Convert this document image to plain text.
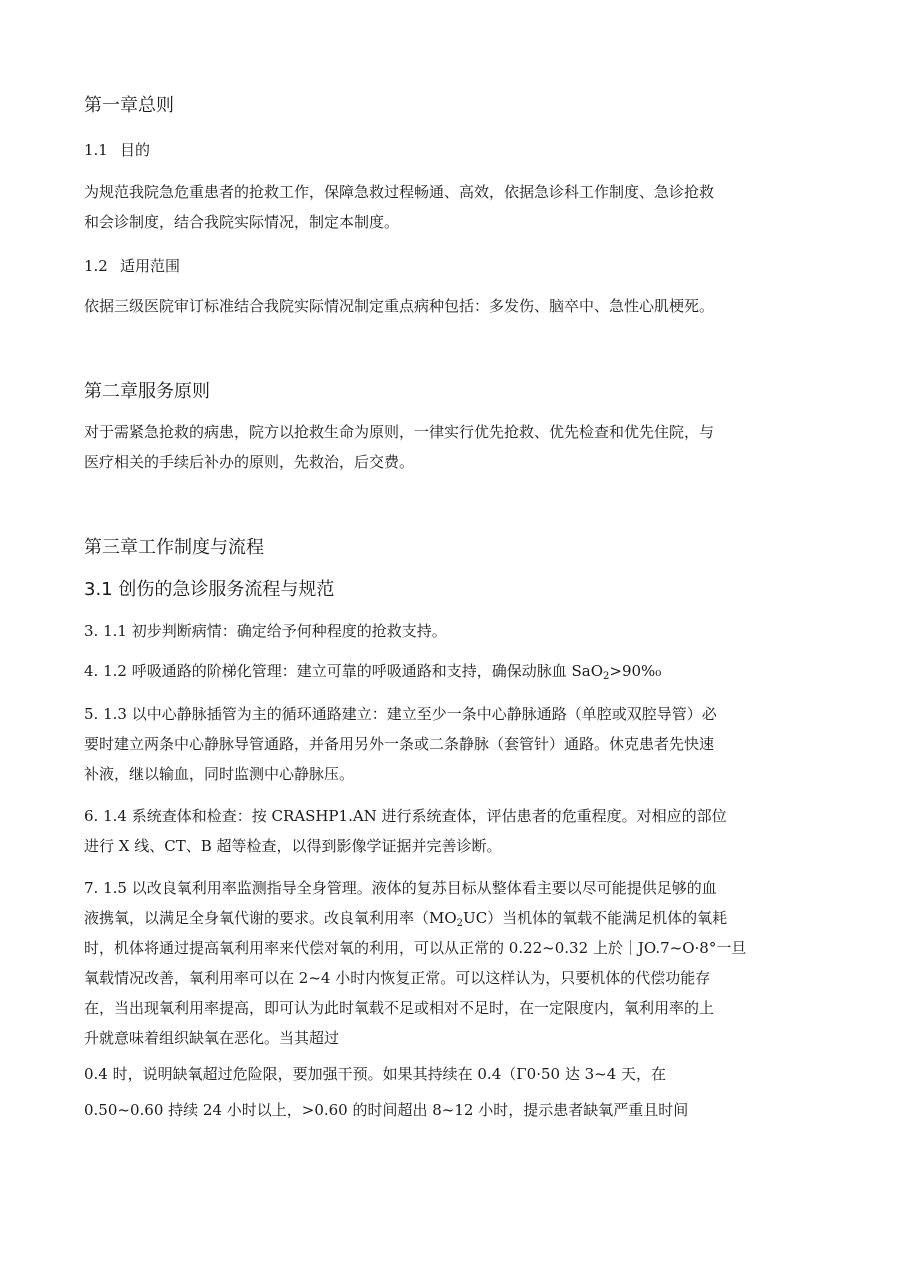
第一章总则
1.1 目的
为规范我院急危重患者的抢救工作，保障急救过程畅通、高效，依据急诊科工作制度、急诊抢救
和会诊制度，结合我院实际情况，制定本制度。
1.2 适用范围
依据三级医院审订标准结合我院实际情况制定重点病种包括：多发伤、脑卒中、急性心肌梗死。
第二章服务原则
对于需紧急抢救的病患，院方以抢救生命为原则，一律实行优先抢救、优先检查和优先住院，与
医疗相关的手续后补办的原则，先救治，后交费。
第三章工作制度与流程
3.1 创伤的急诊服务流程与规范
3. 1.1 初步判断病情：确定给予何种程度的抢救支持。
4. 1.2 呼吸通路的阶梯化管理：建立可靠的呼吸通路和支持，确保动脉血 SaO$_2$>90%₀
5. 1.3 以中心静脉插管为主的循环通路建立：建立至少一条中心静脉通路（单腔或双腔导管）必
要时建立两条中心静脉导管通路，并备用另外一条或二条静脉（套管针）通路。休克患者先快速
补液，继以输血，同时监测中心静脉压。
6. 1.4 系统查体和检查：按 CRASHP1.AN 进行系统查体，评估患者的危重程度。对相应的部位
进行 X 线、CT、B 超等检查，以得到影像学证据并完善诊断。
7. 1.5 以改良氧利用率监测指导全身管理。液体的复苏目标从整体看主要以尽可能提供足够的血
液携氧，以满足全身氧代谢的要求。改良氧利用率$(MO_2UC)$当机体的氧载不能满足机体的氧耗
时，机体将通过提高氧利用率来代偿对氧的利用，可以从正常的 0.22~0.32 上於｜JO.7~O·8°一旦
氧载情况改善，氧利用率可以在 2~4 小时内恢复正常。可以这样认为，只要机体的代偿功能存
在，当出现氧利用率提高，即可认为此时氧载不足或相对不足时，在一定限度内，氧利用率的上
升就意味着组织缺氧在恶化。当其超过
0.4 时，说明缺氧超过危险限，要加强干预。如果其持续在 0.4（Γ0·50 达 3~4 天，在
0.50~0.60 持续 24 小时以上，>0.60 的时间超出 8~12 小时，提示患者缺氧严重且时间
